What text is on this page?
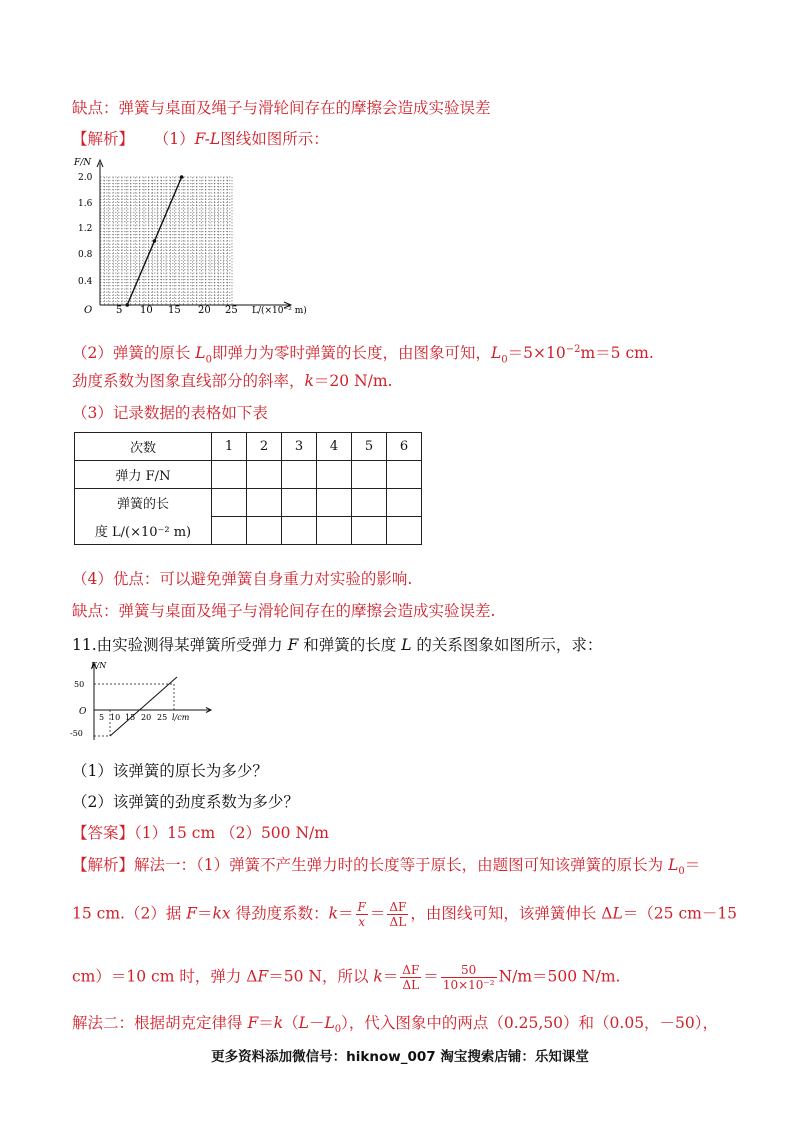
缺点：弹簧与桌面及绳子与滑轮间存在的摩擦会造成实验误差
【解析】 （1）F-L图线如图所示：
F/N
O	L/(×10⁻² m)
0.4
0.8
1.2
1.6
2.0
5 10 15 20 25
（2）弹簧的原长 $L_0$即弹力为零时弹簧的长度，由图象可知，$L_0=5\times 10^{-2}m=5$ cm.
劲度系数为图象直线部分的斜率，k＝20 N/m.
（3）记录数据的表格如下表
次数	1	2	3	4	5	6
弹力 F/N						
弹簧的长						
度 L/(×10⁻² m)						
（4）优点：可以避免弹簧自身重力对实验的影响.
缺点：弹簧与桌面及绳子与滑轮间存在的摩擦会造成实验误差.
11.由实验测得某弹簧所受弹力 F 和弹簧的长度 L 的关系图象如图所示，求：
F/N
50
O
-50
5 10 15 20 25 l/cm
（1）该弹簧的原长为多少？
（2）该弹簧的劲度系数为多少？
【答案】（1）15 cm （2）500 N/m
【解析】解法一：（1）弹簧不产生弹力时的长度等于原长，由题图可知该弹簧的原长为 $L_0=$
15 cm.（2）据 F＝kx 得劲度系数：$k= \frac{F}{x} = \frac{\Delta F}{\Delta L}$ ，由图线可知，该弹簧伸长 ΔL＝（25 cm－15
cm）＝10 cm 时，弹力 ΔF＝50 N，所以 $k= \frac{\Delta F}{\Delta L} = \frac{50}{\text{10×10⁻²}} N/m=500$ N/m.
解法二：根据胡克定律得 $F=k(L-L_0)$，代入图象中的两点（0.25,50）和（0.05，－50），
更多资料添加微信号：hiknow_007 淘宝搜索店铺：乐知课堂
